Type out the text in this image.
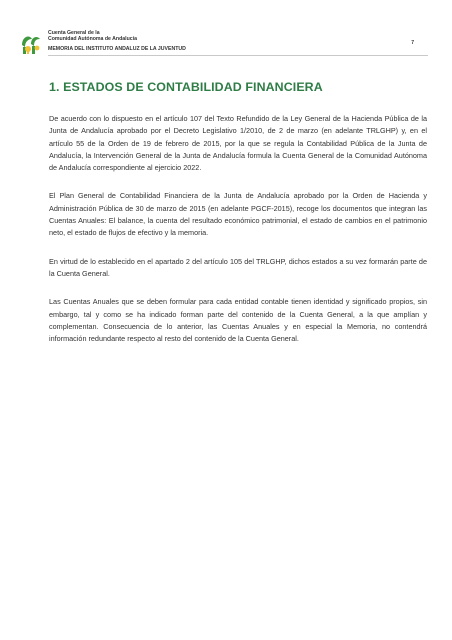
Cuenta General de la
Comunidad Autónoma de Andalucía
MEMORIA DEL INSTITUTO ANDALUZ DE LA JUVENTUD
7
1. ESTADOS DE CONTABILIDAD FINANCIERA

De acuerdo con lo dispuesto en el artículo 107 del Texto Refundido de la Ley General de la Hacienda Pública de la Junta de Andalucía aprobado por el Decreto Legislativo 1/2010, de 2 de marzo (en adelante TRLGHP) y, en el artículo 55 de la Orden de 19 de febrero de 2015, por la que se regula la Contabilidad Pública de la Junta de Andalucía, la Intervención General de la Junta de Andalucía formula la Cuenta General de la Comunidad Autónoma de Andalucía correspondiente al ejercicio 2022.

El Plan General de Contabilidad Financiera de la Junta de Andalucía aprobado por la Orden de Hacienda y Administración Pública de 30 de marzo de 2015 (en adelante PGCF-2015), recoge los documentos que integran las Cuentas Anuales: El balance, la cuenta del resultado económico patrimonial, el estado de cambios en el patrimonio neto, el estado de flujos de efectivo y la memoria.

En virtud de lo establecido en el apartado 2 del artículo 105 del TRLGHP, dichos estados a su vez formarán parte de la Cuenta General.

Las Cuentas Anuales que se deben formular para cada entidad contable tienen identidad y significado propios, sin embargo, tal y como se ha indicado forman parte del contenido de la Cuenta General, a la que amplían y complementan. Consecuencia de lo anterior, las Cuentas Anuales y en especial la Memoria, no contendrá información redundante respecto al resto del contenido de la Cuenta General.
